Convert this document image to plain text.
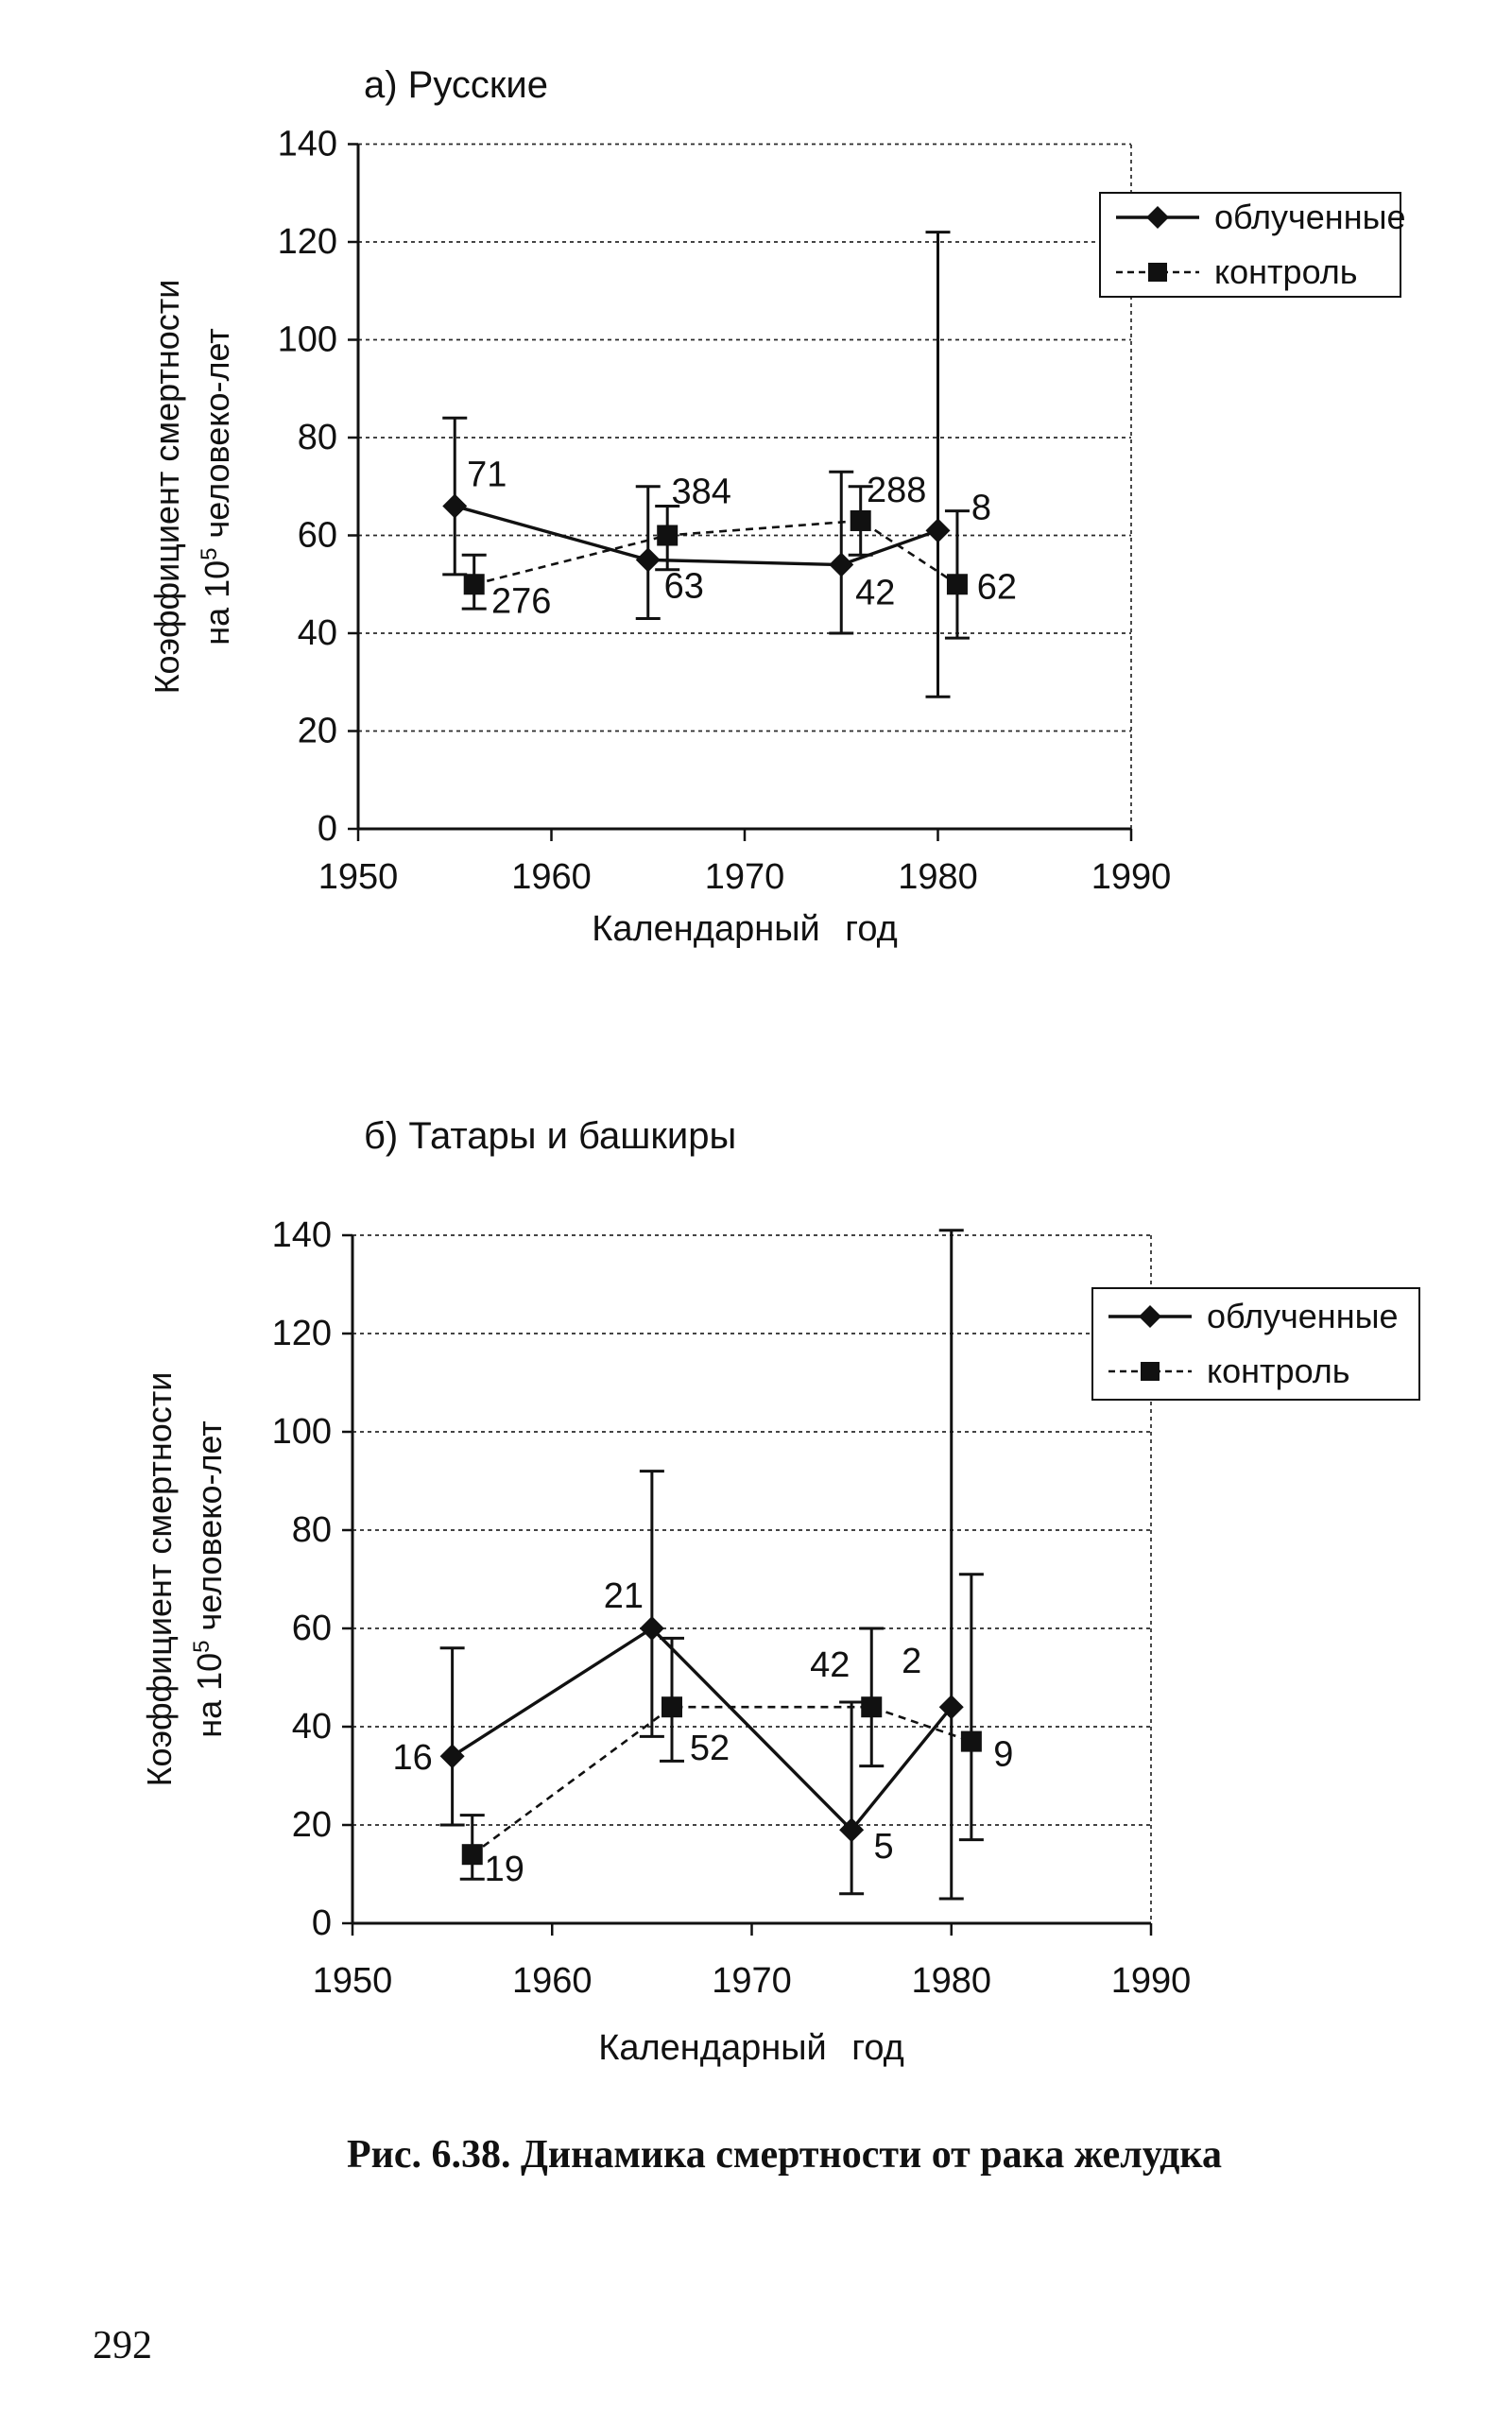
0
20
40
60
80
100
120
140
1950	1960	1970	1980	1990
71
63	42
8
276
384	288
62
0
20
40
60
80
100
120
140
1950	1960	1970	1980	1990
16
21
5
2
19
52
42
9
а) Русские
Коэффициент смертности на $10^5$ человеко-лет
Календарный год
облученные
контроль
б) Татары и башкиры
Коэффициент смертности на $10^5$ человеко-лет
Календарный год
облученные
контроль
Рис. 6.38. Динамика смертности от рака желудка
292
